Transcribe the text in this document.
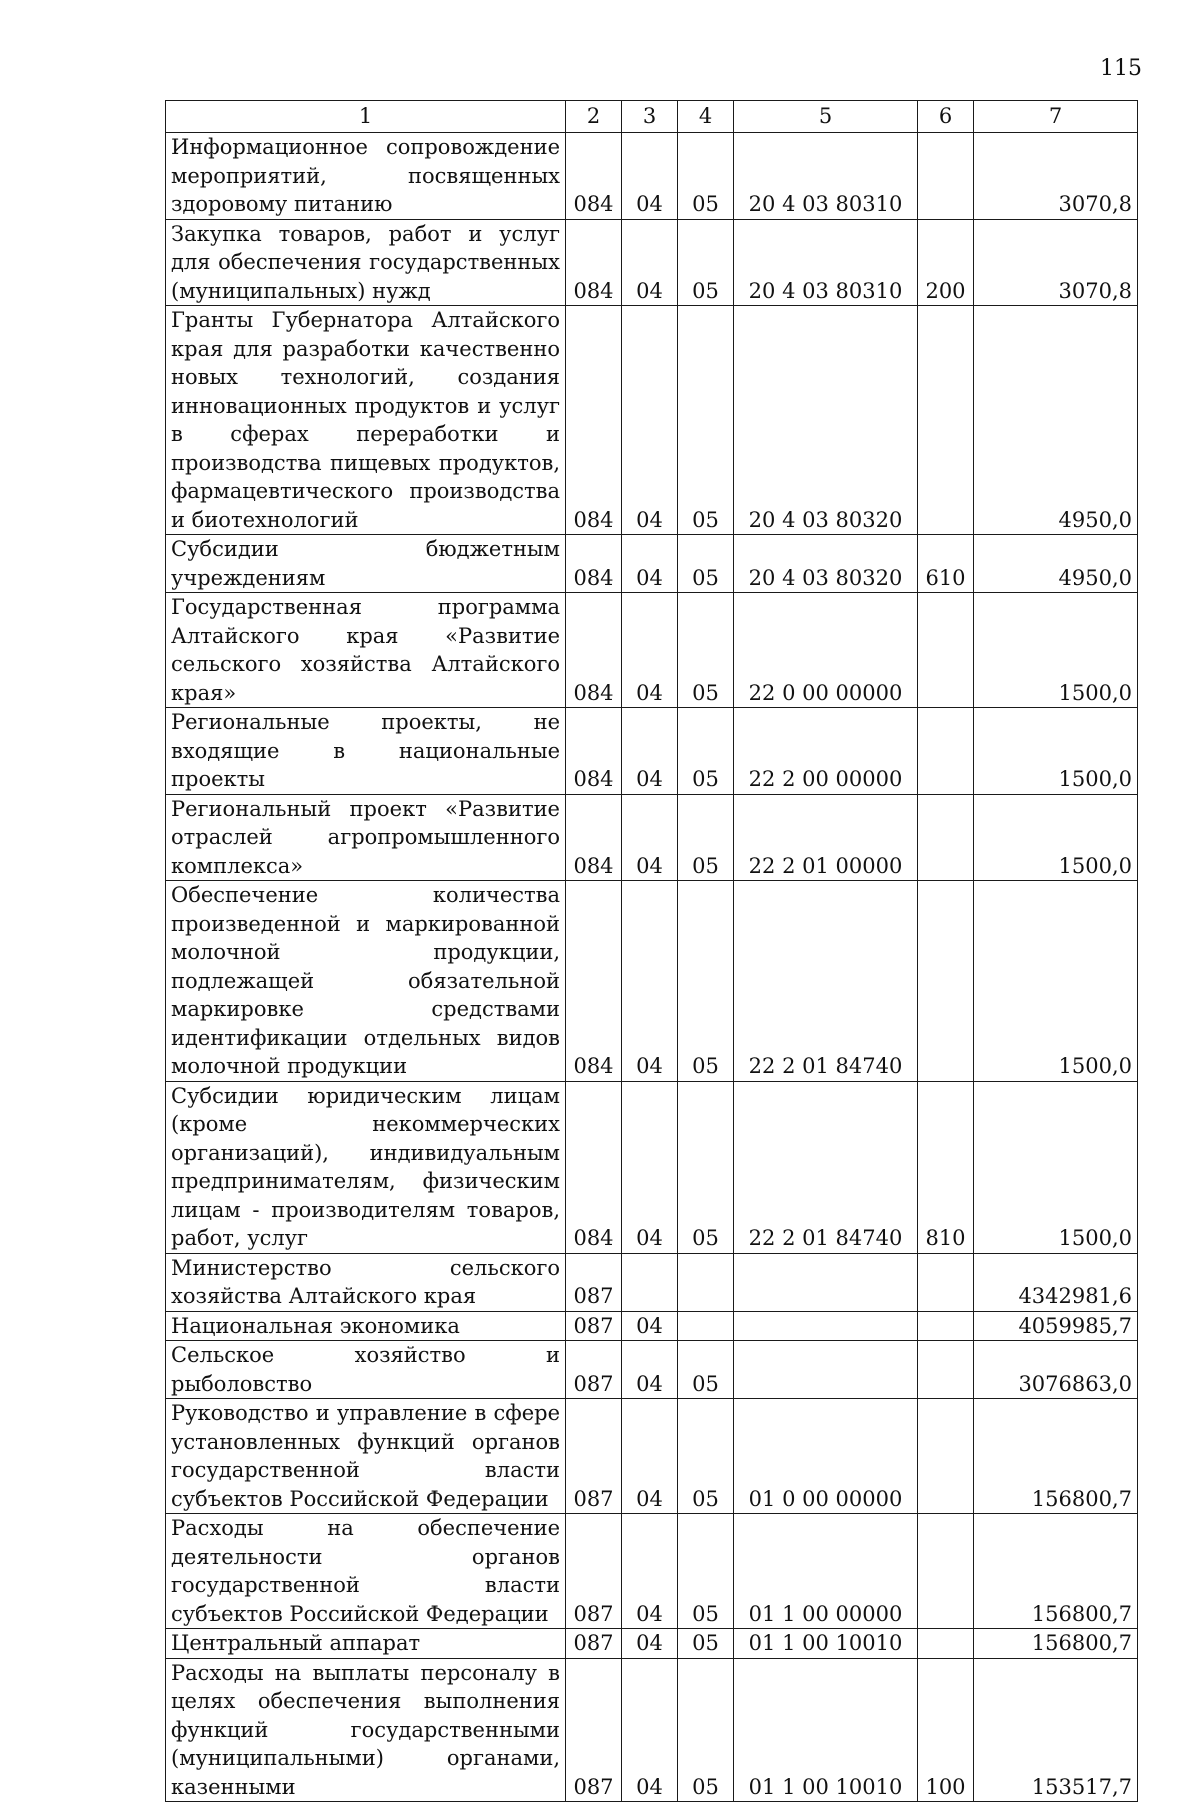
115
1	2	3	4	5	6	7
Информационное сопровождение мероприятий, посвященных здоровому питанию	084	04	05	20 4 03 80310		3070,8
Закупка товаров, работ и услуг для обеспечения государственных (муниципальных) нужд	084	04	05	20 4 03 80310	200	3070,8
Гранты Губернатора Алтайского края для разработки качественно новых технологий, создания инновационных продуктов и услуг в сферах переработки и производства пищевых продуктов, фармацевтического производства и биотехнологий	084	04	05	20 4 03 80320		4950,0
Субсидии бюджетным учреждениям	084	04	05	20 4 03 80320	610	4950,0
Государственная программа Алтайского края «Развитие сельского хозяйства Алтайского края»	084	04	05	22 0 00 00000		1500,0
Региональные проекты, не входящие в национальные проекты	084	04	05	22 2 00 00000		1500,0
Региональный проект «Развитие отраслей агропромышленного комплекса»	084	04	05	22 2 01 00000		1500,0
Обеспечение количества произведенной и маркированной молочной продукции, подлежащей обязательной маркировке средствами идентификации отдельных видов молочной продукции	084	04	05	22 2 01 84740		1500,0
Субсидии юридическим лицам (кроме некоммерческих организаций), индивидуальным предпринимателям, физическим лицам - производителям товаров, работ, услуг	084	04	05	22 2 01 84740	810	1500,0
Министерство сельского хозяйства Алтайского края	087					4342981,6
Национальная экономика	087	04				4059985,7
Сельское хозяйство и рыболовство	087	04	05			3076863,0
Руководство и управление в сфере установленных функций органов государственной власти субъектов Российской Федерации	087	04	05	01 0 00 00000		156800,7
Расходы на обеспечение деятельности органов государственной власти субъектов Российской Федерации	087	04	05	01 1 00 00000		156800,7
Центральный аппарат	087	04	05	01 1 00 10010		156800,7
Расходы на выплаты персоналу в целях обеспечения выполнения функций государственными (муниципальными) органами, казенными	087	04	05	01 1 00 10010	100	153517,7
